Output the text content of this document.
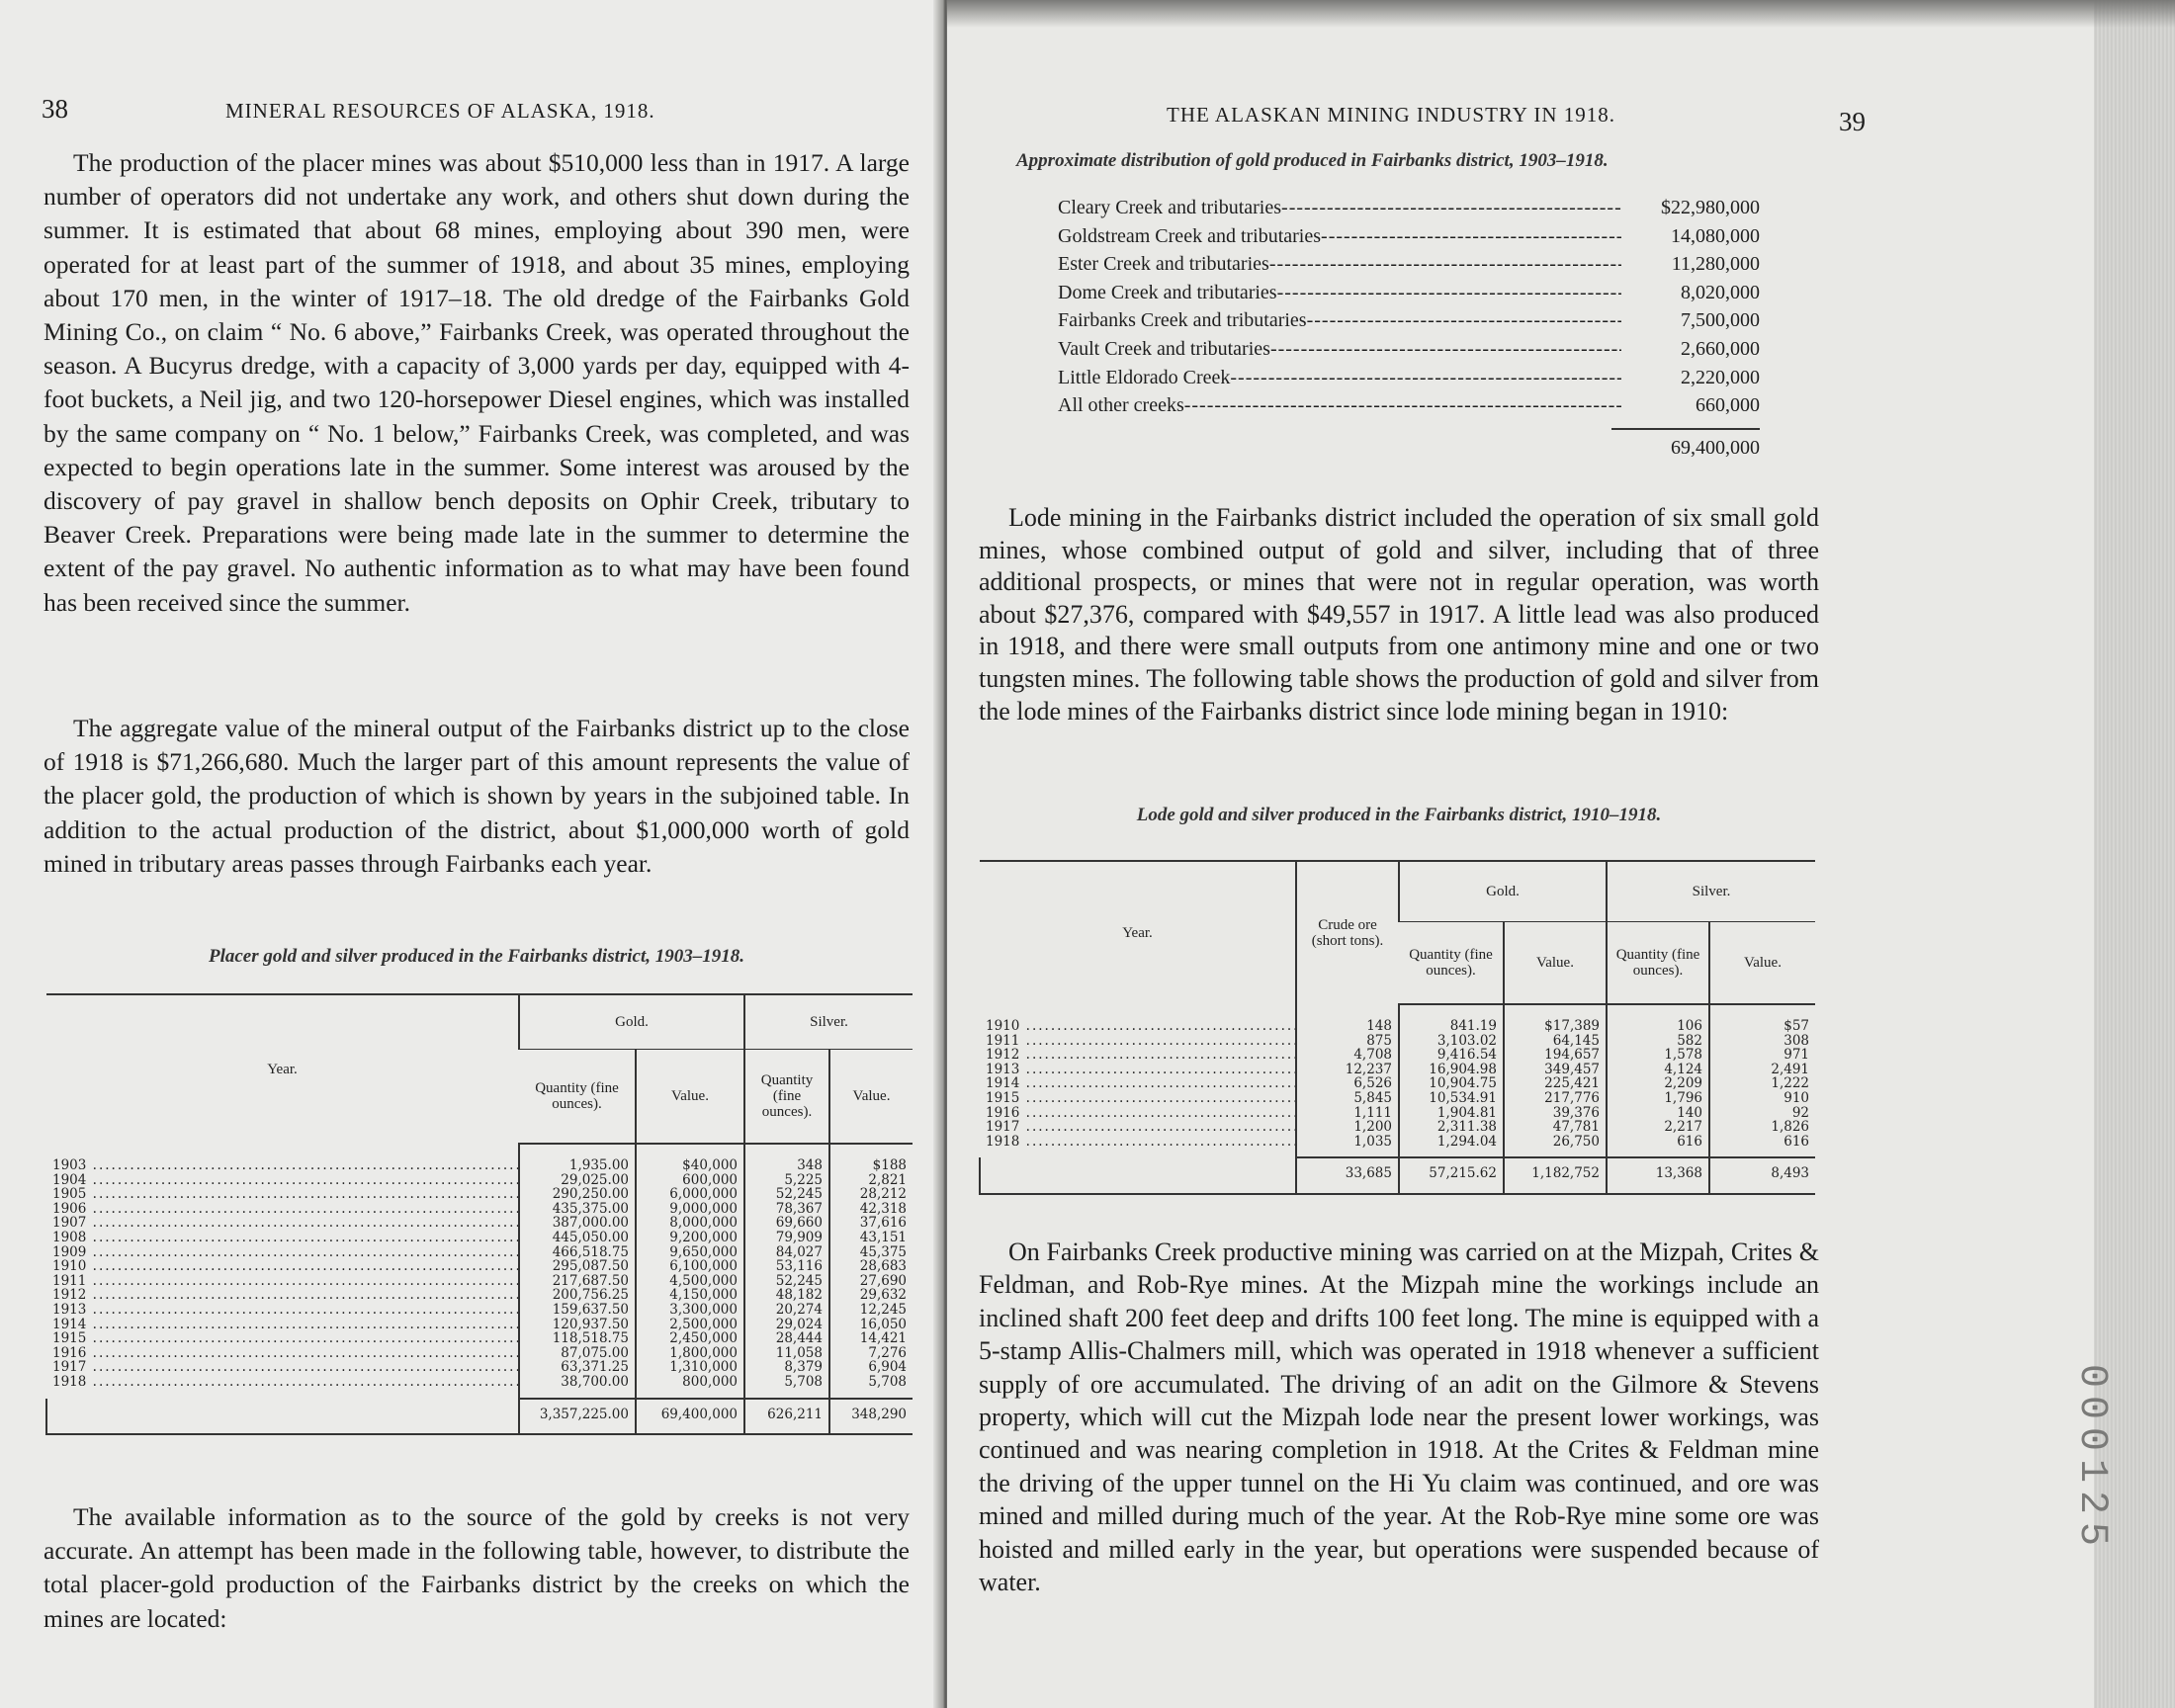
38	MINERAL RESOURCES OF ALASKA, 1918.

The production of the placer mines was about $510,000 less than in 1917. A large number of operators did not undertake any work, and others shut down during the summer. It is estimated that about 68 mines, employing about 390 men, were operated for at least part of the summer of 1918, and about 35 mines, employing about 170 men, in the winter of 1917–18. The old dredge of the Fairbanks Gold Mining Co., on claim “ No. 6 above,” Fairbanks Creek, was operated throughout the season. A Bucyrus dredge, with a capacity of 3,000 yards per day, equipped with 4-foot buckets, a Neil jig, and two 120-horsepower Diesel engines, which was installed by the same company on “ No. 1 below,” Fairbanks Creek, was completed, and was expected to begin operations late in the summer. Some interest was aroused by the discovery of pay gravel in shallow bench deposits on Ophir Creek, tributary to Beaver Creek. Preparations were being made late in the summer to determine the extent of the pay gravel. No authentic information as to what may have been found has been received since the summer.

The aggregate value of the mineral output of the Fairbanks district up to the close of 1918 is $71,266,680. Much the larger part of this amount represents the value of the placer gold, the production of which is shown by years in the subjoined table. In addition to the actual production of the district, about $1,000,000 worth of gold mined in tributary areas passes through Fairbanks each year.

Placer gold and silver produced in the Fairbanks district, 1903–1918.
Year.	Gold.		Silver.	
	Quantity (fine ounces).	Value.	Quantity (fine ounces).	Value.
1903 .....	1,935.00	$40,000	348	$188
1904 .....	29,025.00	600,000	5,225	2,821
1905 .....	290,250.00	6,000,000	52,245	28,212
1906 .....	435,375.00	9,000,000	78,367	42,318
1907 .....	387,000.00	8,000,000	69,660	37,616
1908 .....	445,050.00	9,200,000	79,909	43,151
1909 .....	466,518.75	9,650,000	84,027	45,375
1910 .....	295,087.50	6,100,000	53,116	28,683
1911 .....	217,687.50	4,500,000	52,245	27,690
1912 .....	200,756.25	4,150,000	48,182	29,632
1913 .....	159,637.50	3,300,000	20,274	12,245
1914 .....	120,937.50	2,500,000	29,024	16,050
1915 .....	118,518.75	2,450,000	28,444	14,421
1916 .....	87,075.00	1,800,000	11,058	7,276
1917 .....	63,371.25	1,310,000	8,379	6,904
1918 .....	38,700.00	800,000	5,708	5,708
	3,357,225.00	69,400,000	626,211	348,290

The available information as to the source of the gold by creeks is not very accurate. An attempt has been made in the following table, however, to distribute the total placer-gold production of the Fairbanks district by the creeks on which the mines are located:

THE ALASKAN MINING INDUSTRY IN 1918.	39
Approximate distribution of gold produced in Fairbanks district, 1903–1918.
Cleary Creek and tributaries -----	$22,980,000
Goldstream Creek and tributaries -----	14,080,000
Ester Creek and tributaries -----	11,280,000
Dome Creek and tributaries -----	8,020,000
Fairbanks Creek and tributaries -----	7,500,000
Vault Creek and tributaries -----	2,660,000
Little Eldorado Creek -----	2,220,000
All other creeks -----	660,000
69,400,000

Lode mining in the Fairbanks district included the operation of six small gold mines, whose combined output of gold and silver, including that of three additional prospects, or mines that were not in regular operation, was worth about $27,376, compared with $49,557 in 1917. A little lead was also produced in 1918, and there were small outputs from one antimony mine and one or two tungsten mines. The following table shows the production of gold and silver from the lode mines of the Fairbanks district since lode mining began in 1910:

Lode gold and silver produced in the Fairbanks district, 1910–1918.
Year.	Crude ore (short tons).	Gold.		Silver.	
		Quantity (fine ounces).	Value.	Quantity (fine ounces).	Value.
1910 .....	148	841.19	$17,389	106	$57
1911 .....	875	3,103.02	64,145	582	308
1912 .....	4,708	9,416.54	194,657	1,578	971
1913 .....	12,237	16,904.98	349,457	4,124	2,491
1914 .....	6,526	10,904.75	225,421	2,209	1,222
1915 .....	5,845	10,534.91	217,776	1,796	910
1916 .....	1,111	1,904.81	39,376	140	92
1917 .....	1,200	2,311.38	47,781	2,217	1,826
1918 .....	1,035	1,294.04	26,750	616	616
	33,685	57,215.62	1,182,752	13,368	8,493

On Fairbanks Creek productive mining was carried on at the Mizpah, Crites & Feldman, and Rob-Rye mines. At the Mizpah mine the workings include an inclined shaft 200 feet deep and drifts 100 feet long. The mine is equipped with a 5-stamp Allis-Chalmers mill, which was operated in 1918 whenever a sufficient supply of ore accumulated. The driving of an adit on the Gilmore & Stevens property, which will cut the Mizpah lode near the present lower workings, was continued and was nearing completion in 1918. At the Crites & Feldman mine the driving of the upper tunnel on the Hi Yu claim was continued, and ore was mined and milled during much of the year. At the Rob-Rye mine some ore was hoisted and milled early in the year, but operations were suspended because of water.

000125
